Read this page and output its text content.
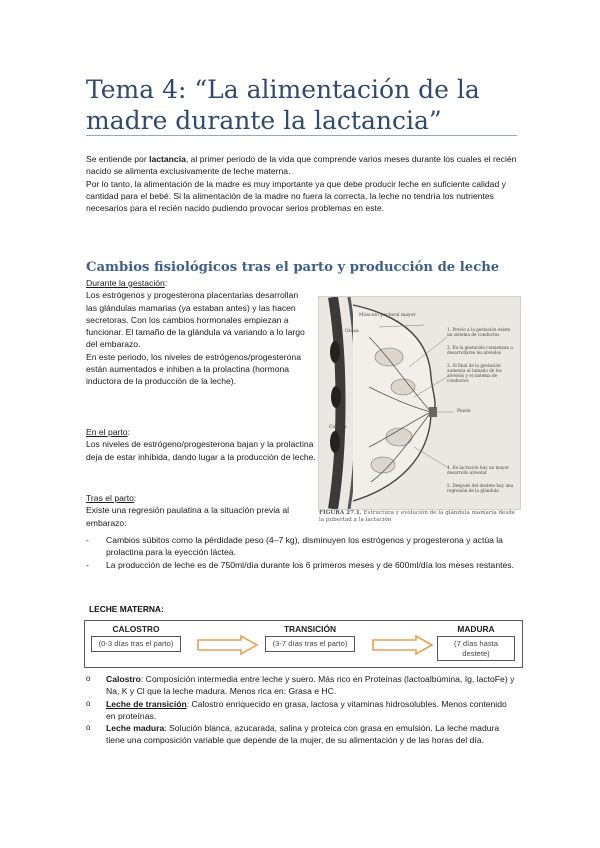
Tema 4: “La alimentación de la madre durante la lactancia”

Se entiende por lactancia, al primer periodo de la vida que comprende varios meses durante los cuales el recién nacido se alimenta exclusivamente de leche materna.

Por lo tanto, la alimentación de la madre es muy importante ya que debe producir leche en suficiente calidad y cantidad para el bebé. Si la alimentación de la madre no fuera la correcta, la leche no tendría los nutrientes necesarios para el recién nacido pudiendo provocar serios problemas en este.

Cambios fisiológicos tras el parto y producción de leche
Durante la gestación:
Los estrógenos y progesterona placentarias desarrollan las glándulas mamarias (ya estaban antes) y las hacen secretoras. Con los cambios hormonales empiezan a funcionar. El tamaño de la glándula va variando a lo largo del embarazo.
En este periodo, los niveles de estrógenos/progesterona están aumentados e inhiben a la prolactina (hormona inductora de la producción de la leche).
En el parto:
Los niveles de estrógeno/progesterona bajan y la prolactina deja de estar inhibida, dando lugar a la producción de leche.
Tras el parto:
Existe una regresión paulatina a la situación previa al embarazo:
- Cambios súbitos como la pérdidade peso (4–7 kg), disminuyen los estrógenos y progesterona y actúa la prolactina para la eyección láctea.
- La producción de leche es de 750ml/día durante los 6 primeros meses y de 600ml/día los meses restantes.
Músculo pectoral mayor
Grasa
Costilla
Pezón
1. Previo a la gestación existe un sistema de conductos
2. En la gestación comienzan a desarrollarse los alvéolos
3. Al final de la gestación aumenta el tamaño de los alvéolos y el sistema de conductos
4. En lactación hay un mayor desarrollo alveolar
5. Después del destete hay una regresión de la glándula
FIGURA 27.1. Estructura y evolución de la glándula mamaria desde la pubertad a la lactación
LECHE MATERNA:
CALOSTRO
(0-3 días tras el parto)
TRANSICIÓN
(3-7 días tras el parto)
MADURA
(7 días hasta destete)
o Calostro: Composición intermedia entre leche y suero. Más rico en Proteínas (lactoalbúmina, Ig, lactoFe) y Na, K y Cl que la leche madura. Menos rica en: Grasa e HC.
o Leche de transición: Calostro enriquecido en grasa, lactosa y vitaminas hidrosolubles. Menos contenido en proteínas.
o Leche madura: Solución blanca, azucarada, salina y proteica con grasa en emulsión. La leche madura tiene una composición variable que depende de la mujer, de su alimentación y de las horas del día.
